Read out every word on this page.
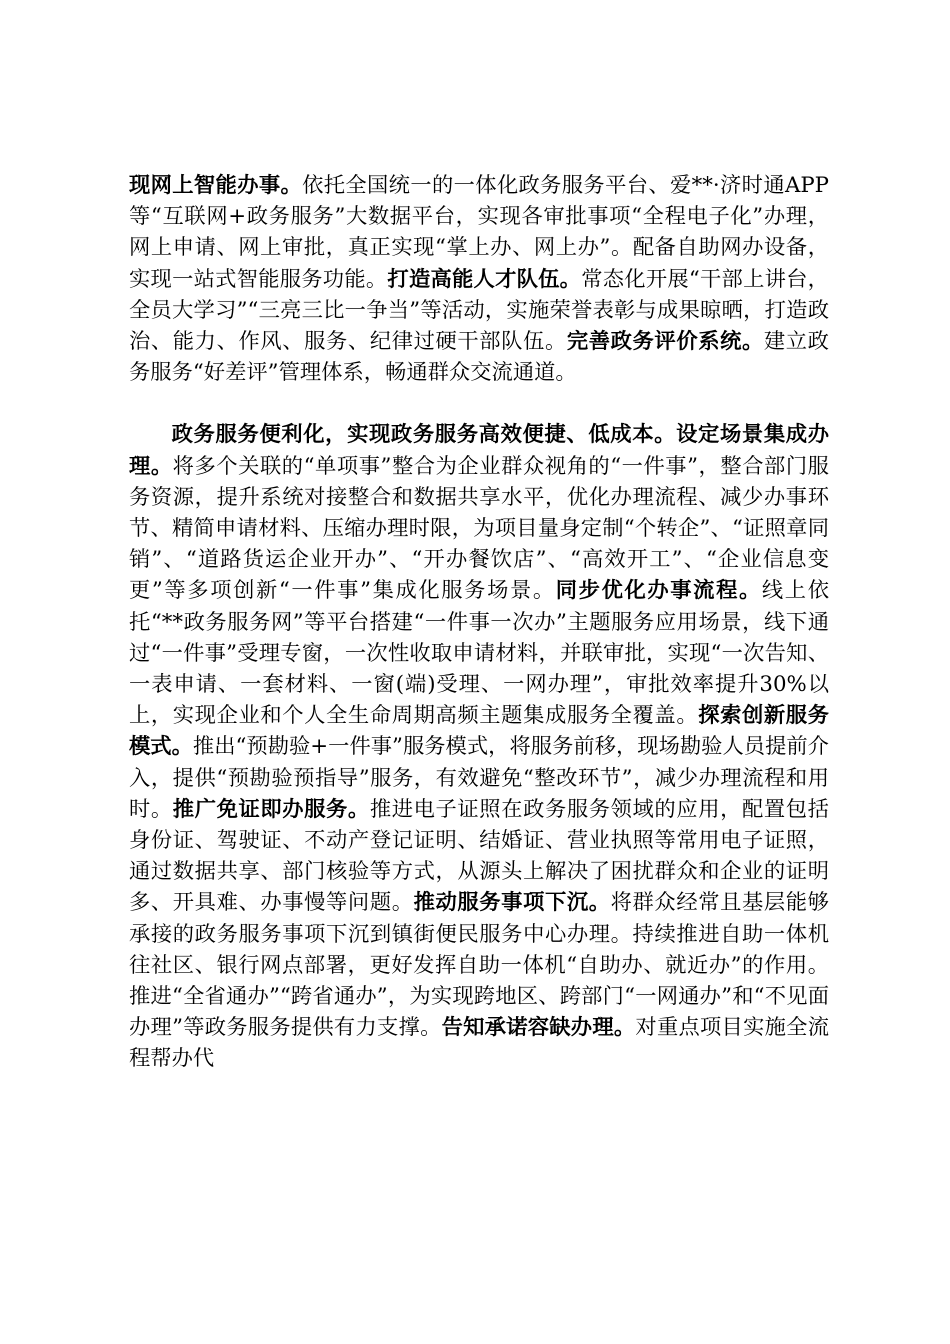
现网上智能办事。依托全国统一的一体化政务服务平台、爱**·济时通APP等“互联网+政务服务”大数据平台，实现各审批事项“全程电子化”办理，网上申请、网上审批，真正实现“掌上办、网上办”。配备自助网办设备，实现一站式智能服务功能。打造高能人才队伍。常态化开展“干部上讲台，全员大学习”“三亮三比一争当”等活动，实施荣誉表彰与成果晾晒，打造政治、能力、作风、服务、纪律过硬干部队伍。完善政务评价系统。建立政务服务“好差评”管理体系，畅通群众交流通道。

政务服务便利化，实现政务服务高效便捷、低成本。设定场景集成办理。将多个关联的“单项事”整合为企业群众视角的“一件事”，整合部门服务资源，提升系统对接整合和数据共享水平，优化办理流程、减少办事环节、精简申请材料、压缩办理时限，为项目量身定制“个转企”、“证照章同销”、“道路货运企业开办”、“开办餐饮店”、“高效开工”、“企业信息变更”等多项创新“一件事”集成化服务场景。同步优化办事流程。线上依托“**政务服务网”等平台搭建“一件事一次办”主题服务应用场景，线下通过“一件事”受理专窗，一次性收取申请材料，并联审批，实现“一次告知、一表申请、一套材料、一窗(端)受理、一网办理”，审批效率提升30%以上，实现企业和个人全生命周期高频主题集成服务全覆盖。探索创新服务模式。推出“预勘验+一件事”服务模式，将服务前移，现场勘验人员提前介入，提供“预勘验预指导”服务，有效避免“整改环节”，减少办理流程和用时。推广免证即办服务。推进电子证照在政务服务领域的应用，配置包括身份证、驾驶证、不动产登记证明、结婚证、营业执照等常用电子证照，通过数据共享、部门核验等方式，从源头上解决了困扰群众和企业的证明多、开具难、办事慢等问题。推动服务事项下沉。将群众经常且基层能够承接的政务服务事项下沉到镇街便民服务中心办理。持续推进自助一体机往社区、银行网点部署，更好发挥自助一体机“自助办、就近办”的作用。推进“全省通办”“跨省通办”，为实现跨地区、跨部门“一网通办”和“不见面办理”等政务服务提供有力支撑。告知承诺容缺办理。对重点项目实施全流程帮办代
